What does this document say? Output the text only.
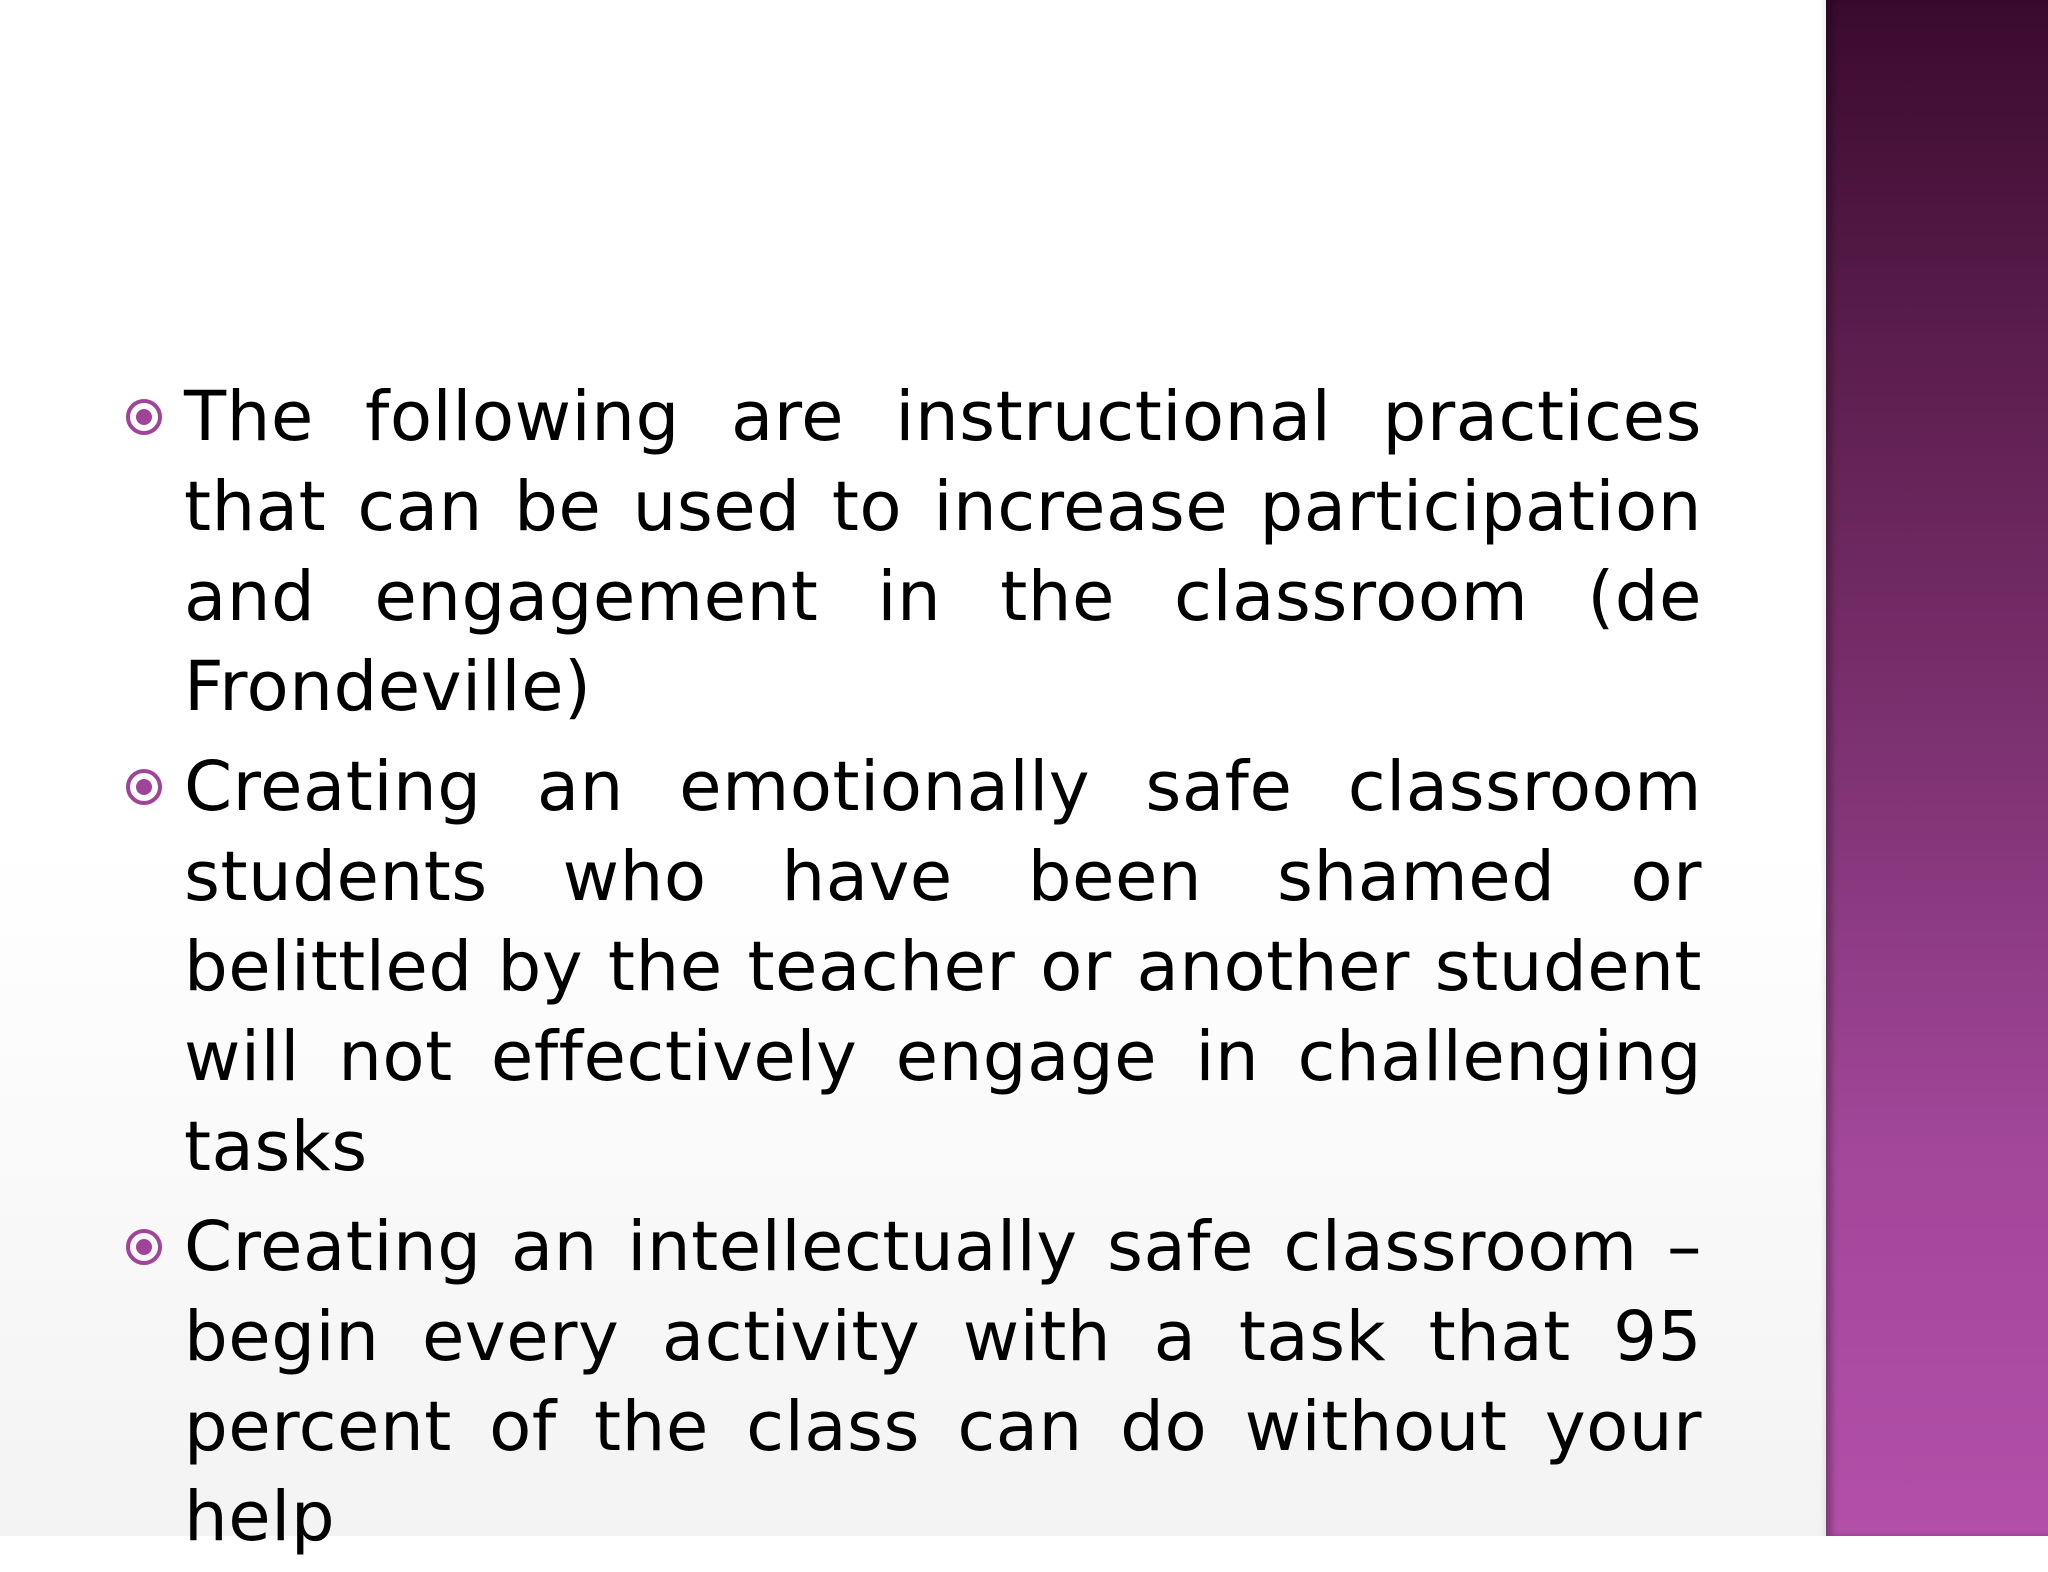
The following are instructional practices that can be used to increase participation and engagement in the classroom (de Frondeville)
Creating an emotionally safe classroom students who have been shamed or belittled by the teacher or another student will not effectively engage in challenging tasks
Creating an intellectually safe classroom – begin every activity with a task that 95 percent of the class can do without your help
